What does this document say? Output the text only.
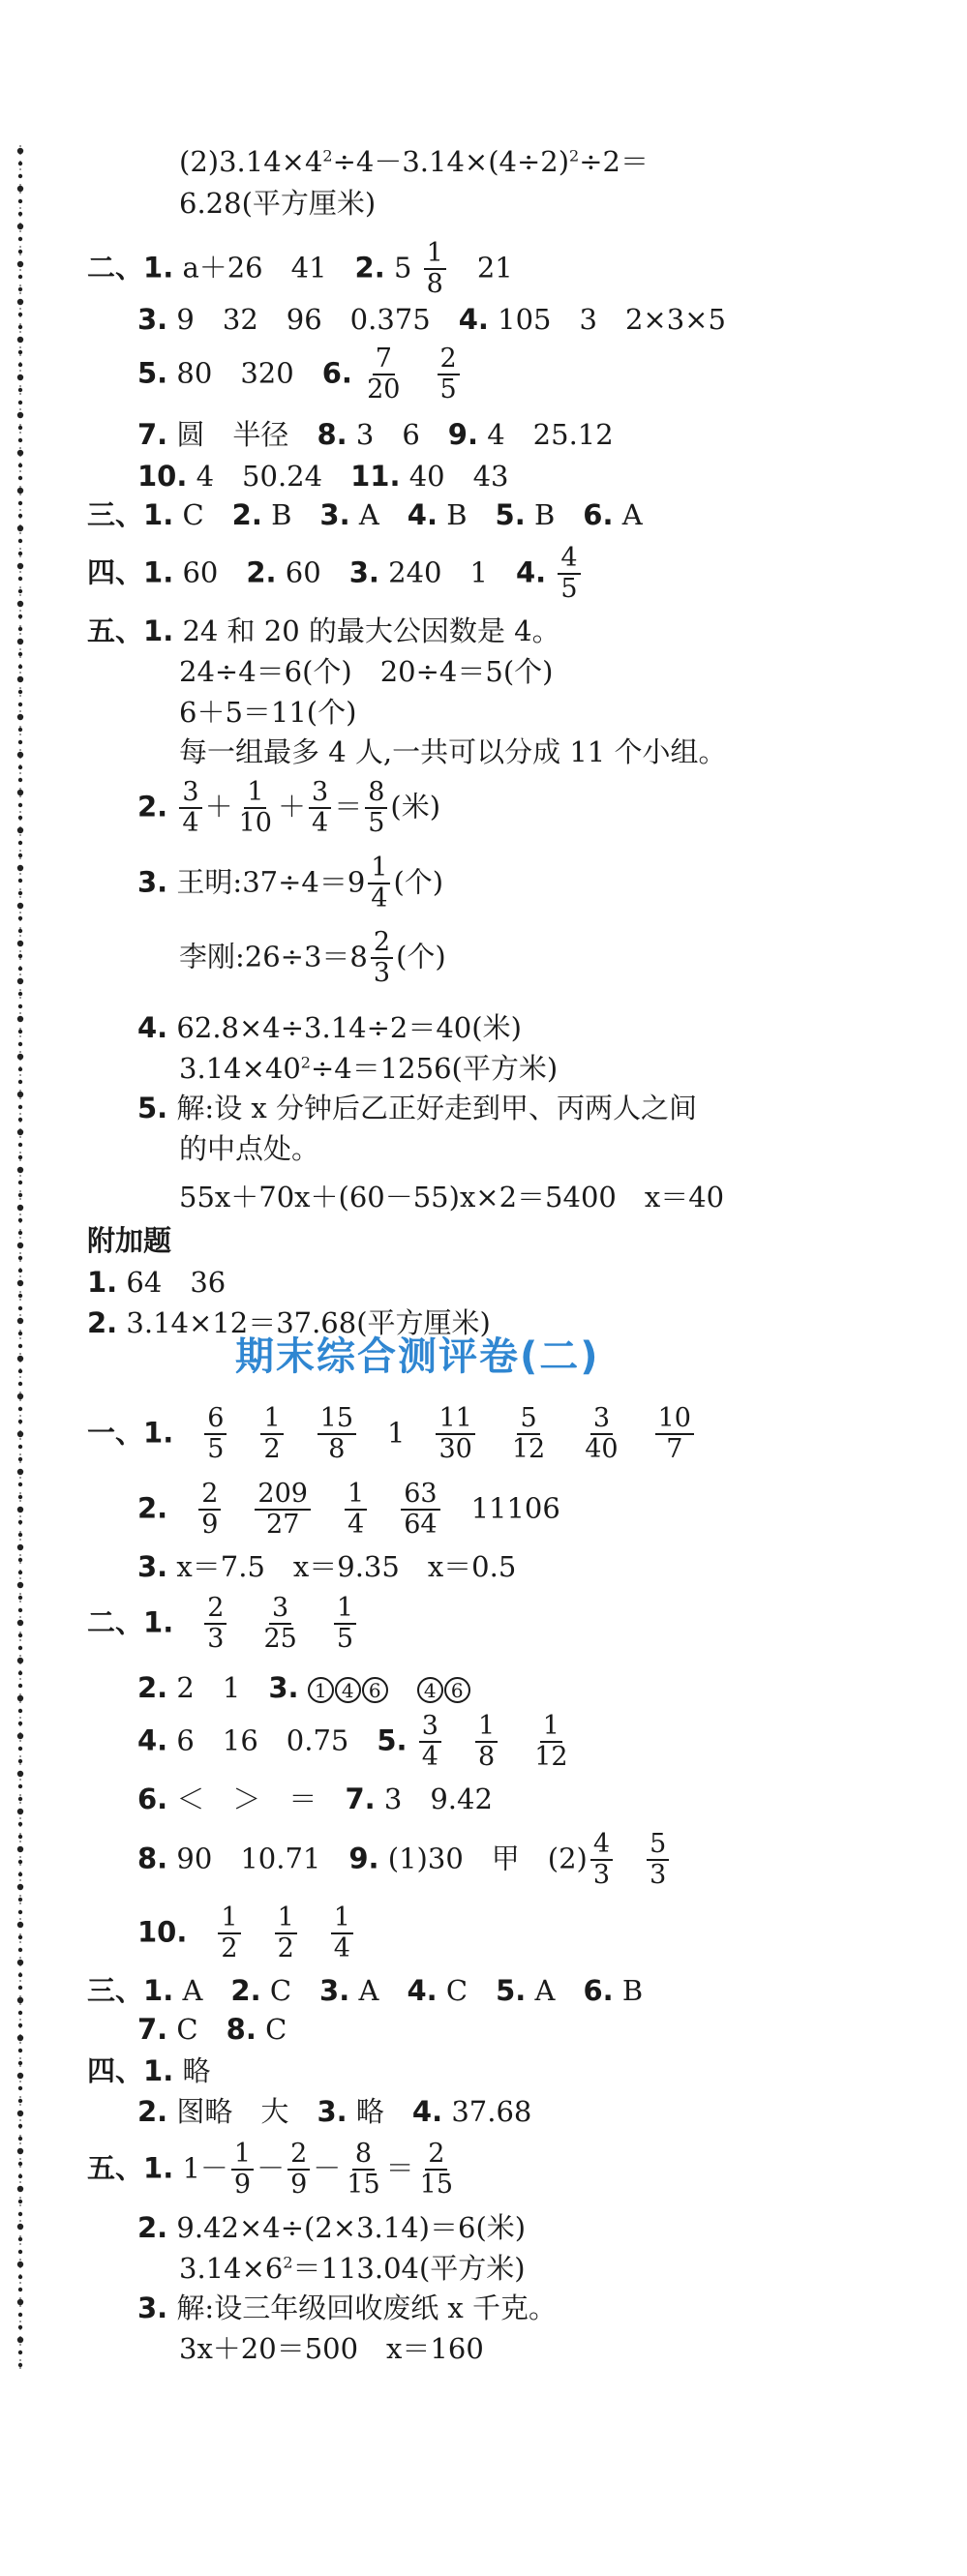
$(2)3.14\times 4^2\div 4-3.14\times(4\div 2)^2\div 2=$
6.28(平方厘米)
二、1. a＋26　41　 2. $5 \frac{1}{8}$
　 21
3. 9　32　96　0.375　 4. 105　3　2×3×5
5. 80　320　 6. $\frac{7}{20}$
　 $\frac{2}{5}$
7. 圆　半径　 8. 3　6　 9. 4　25.12
10. 4　50.24　 11. 40　43
三、1. C　 2. B　 3. A　 4. B　 5. B　 6. A
四、1. 60　 2. 60　 3. 240　1　 4. $\frac{4}{5}$
五、1. 24 和 20 的最大公因数是 4。
24÷4＝6(个)　20÷4＝5(个)
6＋5＝11(个)
每一组最多 4 人,一共可以分成 11 个小组。
2. $\frac{3}{4} + \frac{1}{10} + \frac{3}{4} = \frac{8}{5}$ (米)
3. 王明:37÷4＝9 $\frac{1}{4}$ (个)
李刚:26÷3＝8 $\frac{2}{3}$ (个)
4. 62.8×4÷3.14÷2＝40(米)
$3.14\times 40^2\div 4=1256$(平方米)
5. 解:设 x 分钟后乙正好走到甲、丙两人之间
的中点处。
55x＋70x＋(60－55)x×2＝5400　x＝40
附加题
1. 64　36
2. 3.14×12＝37.68(平方厘米)
期末综合测评卷(二)
一、1.　 $\frac{6}{5}$
　 $\frac{1}{2}$
　 $\frac{15}{8}$
　 1　 $\frac{11}{30}$
　 $\frac{5}{12}$
　 $\frac{3}{40}$
　 $\frac{10}{7}$
2.　 $\frac{2}{9}$
　 $\frac{209}{27}$
　 $\frac{1}{4}$
　 $\frac{63}{64}$
　 11106
3. x＝7.5　x＝9.35　x＝0.5
二、1.　 $\frac{2}{3}$
　 $\frac{3}{25}$
　 $\frac{1}{5}$
2. 2　1　 3. 1 4 6　 4 6
4. 6　16　0.75　 5. $\frac{3}{4}$
　 $\frac{1}{8}$
　 $\frac{1}{12}$
6. ＜　＞　＝　 7. 3　9.42
8. 90　10.71　 9. (1)30　甲　$(2) \frac{4}{3}$
　 $\frac{5}{3}$
10.　 $\frac{1}{2}$
　 $\frac{1}{2}$
　 $\frac{1}{4}$
三、1. A　 2. C　 3. A　 4. C　 5. A　 6. B
7. C　 8. C
四、1. 略
2. 图略　大　 3. 略　 4. 37.68
五、1. $1- \frac{1}{9} - \frac{2}{9} - \frac{8}{15} = \frac{2}{15}$
2. 9.42×4÷(2×3.14)＝6(米)
$3.14\times 6^2=113.04$(平方米)
3. 解:设三年级回收废纸 x 千克。
3x＋20＝500　x＝160
